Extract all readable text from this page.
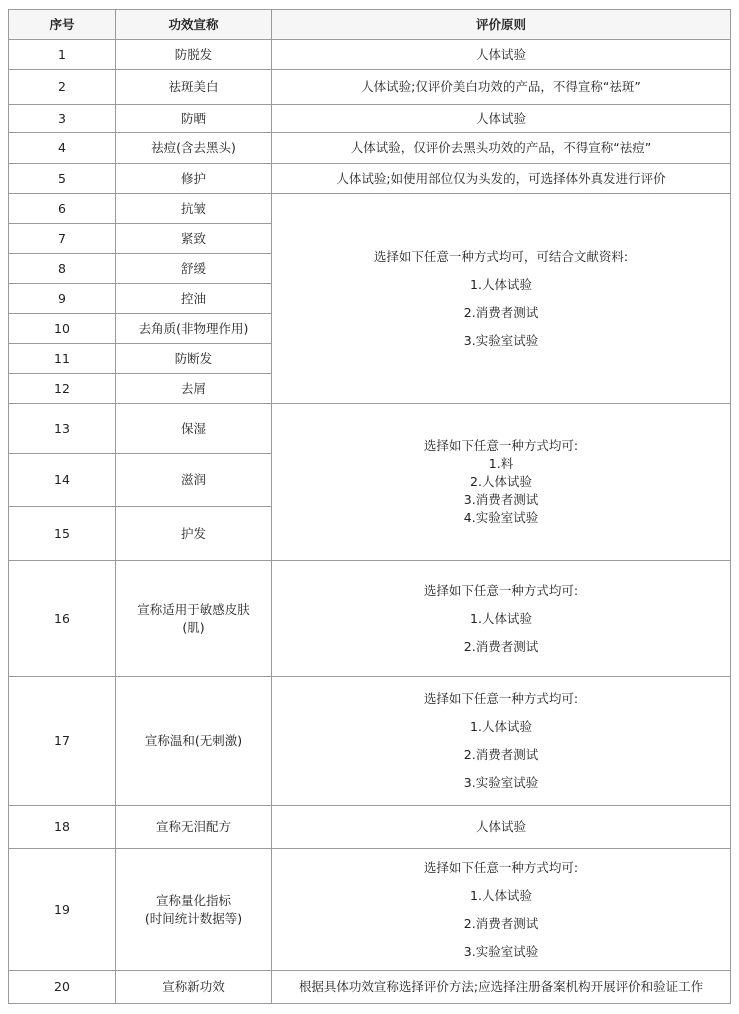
序号	功效宣称	评价原则
1	防脱发	人体试验
2	祛斑美白	人体试验;仅评价美白功效的产品，不得宣称“祛斑”
3	防晒	人体试验
4	祛痘(含去黑头)	人体试验，仅评价去黑头功效的产品，不得宣称“祛痘”
5	修护	人体试验;如使用部位仅为头发的，可选择体外真发进行评价
6	抗皱	选择如下任意一种方式均可，可结合文献资料:
1.人体试验
2.消费者测试
3.实验室试验

7	紧致	
8	舒缓	
9	控油	
10	去角质(非物理作用)	
11	防断发	
12	去屑	
13	保湿	选择如下任意一种方式均可:
1.料
2.人体试验
3.消费者测试
4.实验室试验

14	滋润	
15	护发	
16	宣称适用于敏感皮肤
(肌)	选择如下任意一种方式均可:
1.人体试验
2.消费者测试

17	宣称温和(无刺激)	选择如下任意一种方式均可:
1.人体试验
2.消费者测试
3.实验室试验

18	宣称无泪配方	人体试验
19	宣称量化指标
(时间统计数据等)	选择如下任意一种方式均可:
1.人体试验
2.消费者测试
3.实验室试验

20	宣称新功效	根据具体功效宣称选择评价方法;应选择注册备案机构开展评价和验证工作
